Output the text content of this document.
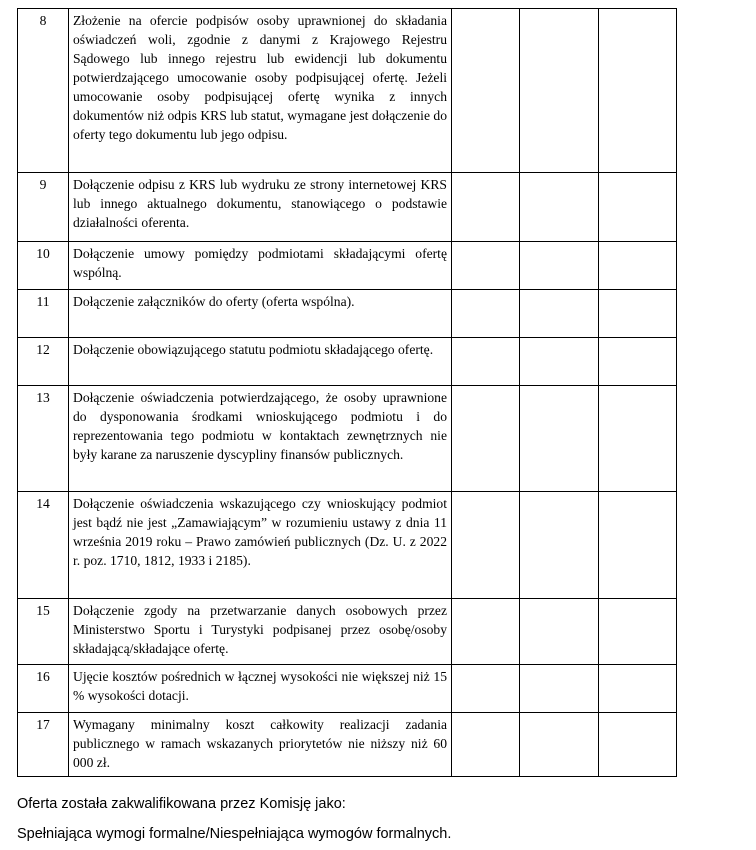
8	Złożenie na ofercie podpisów osoby uprawnionej do składania oświadczeń woli, zgodnie z danymi z Krajowego Rejestru Sądowego lub innego rejestru lub ewidencji lub dokumentu potwierdzającego umocowanie osoby podpisującej ofertę. Jeżeli umocowanie osoby podpisującej ofertę wynika z innych dokumentów niż odpis KRS lub statut, wymagane jest dołączenie do oferty tego dokumentu lub jego odpisu.			
9	Dołączenie odpisu z KRS lub wydruku ze strony internetowej KRS lub innego aktualnego dokumentu, stanowiącego o podstawie działalności oferenta.			
10	Dołączenie umowy pomiędzy podmiotami składającymi ofertę wspólną.			
11	Dołączenie załączników do oferty (oferta wspólna).			
12	Dołączenie obowiązującego statutu podmiotu składającego ofertę.			
13	Dołączenie oświadczenia potwierdzającego, że osoby uprawnione do dysponowania środkami wnioskującego podmiotu i do reprezentowania tego podmiotu w kontaktach zewnętrznych nie były karane za naruszenie dyscypliny finansów publicznych.			
14	Dołączenie oświadczenia wskazującego czy wnioskujący podmiot jest bądź nie jest „Zamawiającym” w rozumieniu ustawy z dnia 11 września 2019 roku – Prawo zamówień publicznych (Dz. U. z 2022 r. poz. 1710, 1812, 1933 i 2185).			
15	Dołączenie zgody na przetwarzanie danych osobowych przez Ministerstwo Sportu i Turystyki podpisanej przez osobę/osoby składającą/składające ofertę.			
16	Ujęcie kosztów pośrednich w łącznej wysokości nie większej niż 15 % wysokości dotacji.			
17	Wymagany minimalny koszt całkowity realizacji zadania publicznego w ramach wskazanych priorytetów nie niższy niż 60 000 zł.			
Oferta została zakwalifikowana przez Komisję jako:
Spełniająca wymogi formalne/Niespełniająca wymogów formalnych.
